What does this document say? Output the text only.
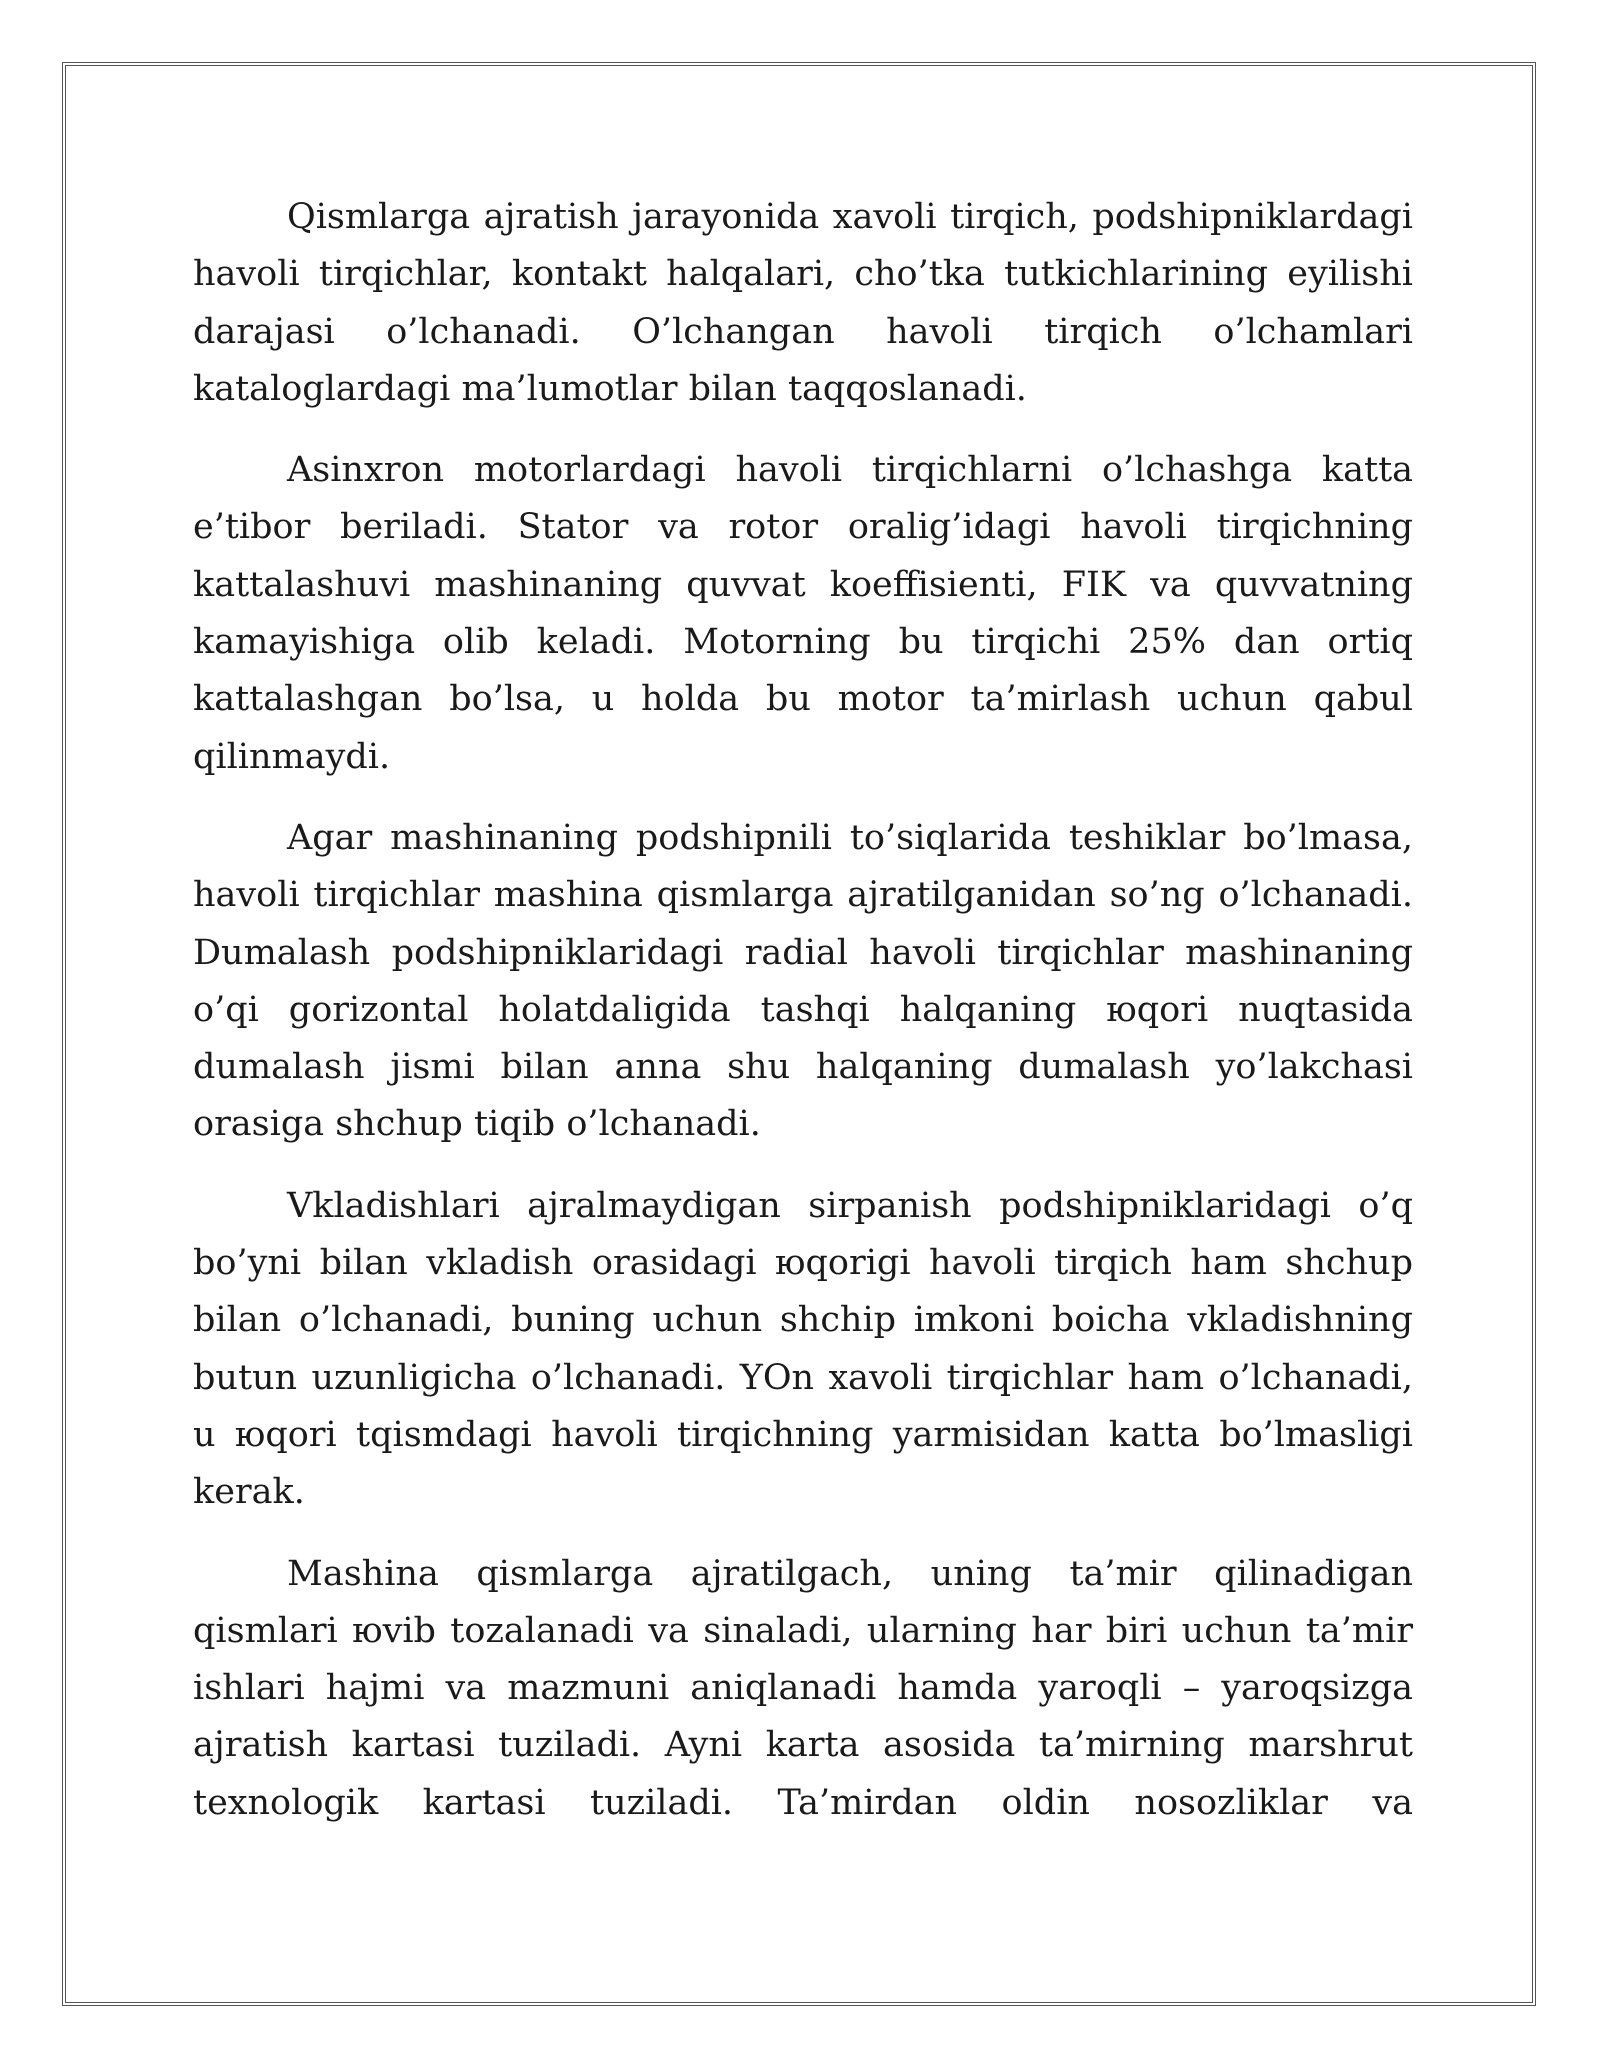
Qismlarga ajratish jarayonida xavoli tirqich, podshipniklardagi havoli tirqichlar, kontakt halqalari, cho’tka tutkichlarining eyilishi darajasi o’lchanadi. O’lchangan havoli tirqich o’lchamlari kataloglardagi ma’lumotlar bilan taqqoslanadi.

Asinxron motorlardagi havoli tirqichlarni o’lchashga katta e’tibor beriladi. Stator va rotor oralig’idagi havoli tirqichning kattalashuvi mashinaning quvvat koeffisienti, FIK va quvvatning kamayishiga olib keladi. Motorning bu tirqichi 25% dan ortiq kattalashgan bo’lsa, u holda bu motor ta’mirlash uchun qabul qilinmaydi.

Agar mashinaning podshipnili to’siqlarida teshiklar bo’lmasa, havoli tirqichlar mashina qismlarga ajratilganidan so’ng o’lchanadi. Dumalash podshipniklaridagi radial havoli tirqichlar mashinaning o’qi gorizontal holatdaligida tashqi halqaning юqori nuqtasida dumalash jismi bilan anna shu halqaning dumalash yo’lakchasi orasiga shchup tiqib o’lchanadi.

Vkladishlari ajralmaydigan sirpanish podshipniklaridagi o’q bo’yni bilan vkladish orasidagi юqorigi havoli tirqich ham shchup bilan o’lchanadi, buning uchun shchip imkoni boicha vkladishning butun uzunligicha o’lchanadi. YOn xavoli tirqichlar ham o’lchanadi, u юqori tqismdagi havoli tirqichning yarmisidan katta bo’lmasligi kerak.

Mashina qismlarga ajratilgach, uning ta’mir qilinadigan qismlari юvib tozalanadi va sinaladi, ularning har biri uchun ta’mir ishlari hajmi va mazmuni aniqlanadi hamda yaroqli – yaroqsizga ajratish kartasi tuziladi. Ayni karta asosida ta’mirning marshrut texnologik kartasi tuziladi. Ta’mirdan oldin nosozliklar va
